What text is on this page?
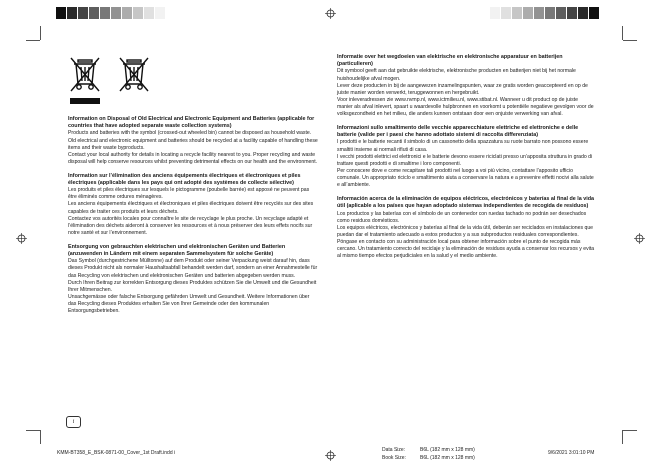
Information on Disposal of Old Electrical and Electronic Equipment and Batteries (applicable for countries that have adopted separate waste collection systems)

Products and batteries with the symbol (crossed-out wheeled bin) cannot be disposed as household waste.

Old electrical and electronic equipment and batteries should be recycled at a facility capable of handling these items and their waste byproducts.

Contact your local authority for details in locating a recycle facility nearest to you. Proper recycling and waste disposal will help conserve resources whilst preventing detrimental effects on our health and the environment.

Information sur l’élimination des anciens équipements électriques et électroniques et piles électriques (applicable dans les pays qui ont adopté des systèmes de collecte sélective)

Les produits et piles électriques sur lesquels le pictogramme (poubelle barrée) est apposé ne peuvent pas être éliminés comme ordures ménagères.

Les anciens équipements électriques et électroniques et piles électriques doivent être recyclés sur des sites capables de traiter ces produits et leurs déchets.

Contactez vos autorités locales pour connaître le site de recyclage le plus proche. Un recyclage adapté et l’élimination des déchets aideront à conserver les ressources et à nous préserver des leurs effets nocifs sur notre santé et sur l’environnement.

Entsorgung von gebrauchten elektrischen und elektronischen Geräten und Batterien (anzuwenden in Ländern mit einem separaten Sammelsystem für solche Geräte)

Das Symbol (durchgestrichene Mülltonne) auf dem Produkt oder seiner Verpackung weist darauf hin, dass dieses Produkt nicht als normaler Haushaltsabfall behandelt werden darf, sondern an einer Annahmestelle für das Recycling von elektrischen und elektronischen Geräten und batterien abgegeben werden muss.

Durch Ihren Beitrag zur korrekten Entsorgung dieses Produktes schützen Sie die Umwelt und die Gesundheit Ihrer Mitmenschen.

Unsachgemässe oder falsche Entsorgung gefährden Umwelt und Gesundheit. Weitere Informationen über das Recycling dieses Produktes erhalten Sie von Ihrer Gemeinde oder den kommunalen Entsorgungsbetrieben.

Informatie over het wegdoeien van elektrische en elektronische apparatuur en batterijen (particulieren)

Dit symbool geeft aan dat gebruikte elektrische, elektronische producten en batterijen niet bij het normale huishoudelijke afval mogen.

Lever deze producten in bij de aangewezen inzamelingspunten, waar ze gratis worden geaccepteerd en op de juiste manier worden verwerkt, teruggewonnen en hergebruikt.

Voor inleveradressen zie www.nvmp.nl, www.ictmilieu.nl, www.stibat.nl. Wanneer u dit product op de juiste manier als afval inlevert, spaart u waardevolle hulpbronnen en voorkomt u potentiële negatieve gevolgen voor de volksgezondheid en het milieu, die anders kunnen ontstaan door een onjuiste verwerking van afval.

Informazioni sullo smaltimento delle vecchie apparecchiature elettriche ed elettroniche e delle batterie (valide per i paesi che hanno adottato sistemi di raccolta differenziata)

I prodotti e le batterie recanti il simbolo di un cassonetto della spazzatura su ruote barrato non possono essere smaltiti insieme ai normali rifiuti di casa.

I vecchi prodotti elettrici ed elettronici e le batterie devono essere riciclati presso un’apposita struttura in grado di trattare questi prodotti e di smaltirne i loro componenti.

Per conoscere dove e come recapitare tali prodotti nel luogo a voi più vicino, contattare l’apposito ufficio comunale. Un appropriato riciclo e smaltimento aiuta a conservare la natura e a prevenire effetti nocivi alla salute e all’ambiente.

Información acerca de la eliminación de equipos eléctricos, electrónicos y baterías al final de la vida útil (aplicable a los países que hayan adoptado sistemas independientes de recogida de residuos)

Los productos y las baterías con el símbolo de un contenedor con ruedas tachado no podrán ser desechados como residuos domésticos.

Los equipos eléctricos, electrónicos y baterías al final de la vida útil, deberán ser reciclados en instalaciones que puedan dar el tratamiento adecuado a estos productos y a sus subproductos residuales correspondientes.

Póngase en contacto con su administración local para obtener información sobre el punto de recogida más cercano. Un tratamiento correcto del reciclaje y la eliminación de residuos ayuda a conservar los recursos y evita al mismo tiempo efectos perjudiciales en la salud y el medio ambiente.

i
KMM-BT358_E_BSK-0871-00_Cover_1st Draft.indd i	Data Size:	B6L (182 mm x 128 mm)
Book Size:	B6L (182 mm x 128 mm)
9/6/2021 3:01:10 PM
